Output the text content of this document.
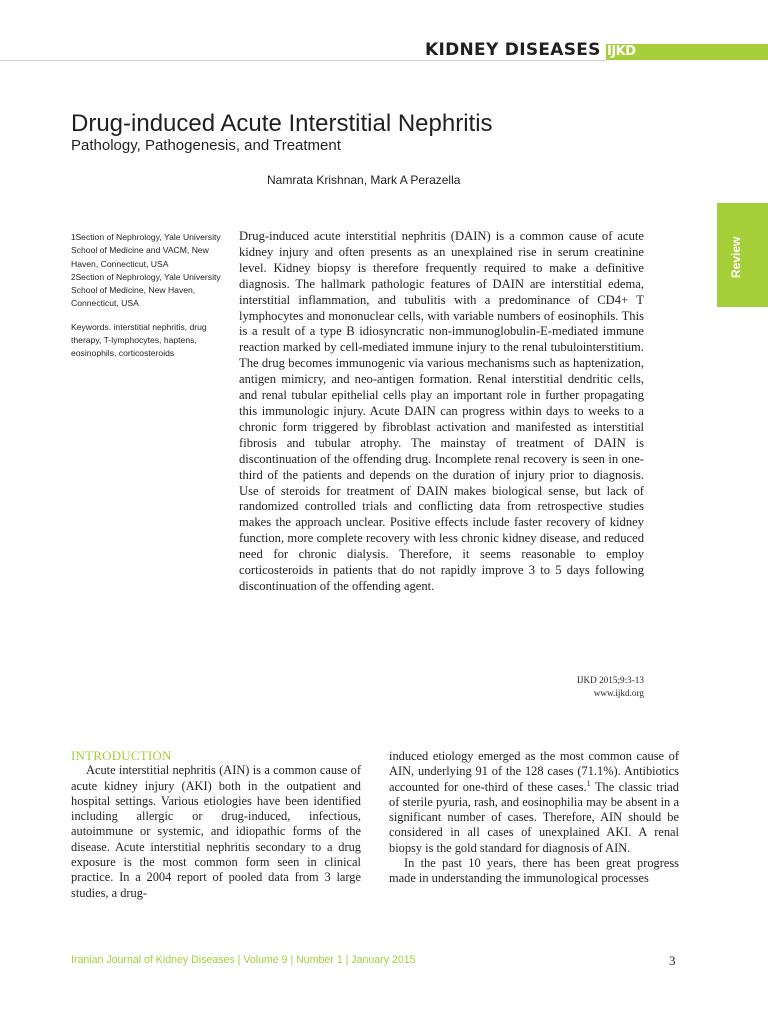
KIDNEY DISEASES IJKD
Drug-induced Acute Interstitial Nephritis
Pathology, Pathogenesis, and Treatment
Namrata Krishnan, Mark A Perazella
Review

1Section of Nephrology, Yale University School of Medicine and VACM, New Haven, Connecticut, USA

2Section of Nephrology, Yale University School of Medicine, New Haven, Connecticut, USA

Keywords. interstitial nephritis, drug therapy, T-lymphocytes, haptens, eosinophils, corticosteroids

Drug-induced acute interstitial nephritis (DAIN) is a common cause of acute kidney injury and often presents as an unexplained rise in serum creatinine level. Kidney biopsy is therefore frequently required to make a definitive diagnosis. The hallmark pathologic features of DAIN are interstitial edema, interstitial inflammation, and tubulitis with a predominance of CD4+ T lymphocytes and mononuclear cells, with variable numbers of eosinophils. This is a result of a type B idiosyncratic non-immunoglobulin-E-mediated immune reaction marked by cell-mediated immune injury to the renal tubulointerstitium. The drug becomes immunogenic via various mechanisms such as haptenization, antigen mimicry, and neo-antigen formation. Renal interstitial dendritic cells, and renal tubular epithelial cells play an important role in further propagating this immunologic injury. Acute DAIN can progress within days to weeks to a chronic form triggered by fibroblast activation and manifested as interstitial fibrosis and tubular atrophy. The mainstay of treatment of DAIN is discontinuation of the offending drug. Incomplete renal recovery is seen in one-third of the patients and depends on the duration of injury prior to diagnosis. Use of steroids for treatment of DAIN makes biological sense, but lack of randomized controlled trials and conflicting data from retrospective studies makes the approach unclear. Positive effects include faster recovery of kidney function, more complete recovery with less chronic kidney disease, and reduced need for chronic dialysis. Therefore, it seems reasonable to employ corticosteroids in patients that do not rapidly improve 3 to 5 days following discontinuation of the offending agent.

IJKD 2015;9:3-13
www.ijkd.org
INTRODUCTION

Acute interstitial nephritis (AIN) is a common cause of acute kidney injury (AKI) both in the outpatient and hospital settings. Various etiologies have been identified including allergic or drug-induced, infectious, autoimmune or systemic, and idiopathic forms of the disease. Acute interstitial nephritis secondary to a drug exposure is the most common form seen in clinical practice. In a 2004 report of pooled data from 3 large studies, a drug-

induced etiology emerged as the most common cause of AIN, underlying 91 of the 128 cases (71.1%). Antibiotics accounted for one-third of these cases.$^1$ The classic triad of sterile pyuria, rash, and eosinophilia may be absent in a significant number of cases. Therefore, AIN should be considered in all cases of unexplained AKI. A renal biopsy is the gold standard for diagnosis of AIN.

In the past 10 years, there has been great progress made in understanding the immunological processes

Iranian Journal of Kidney Diseases | Volume 9 | Number 1 | January 2015	3
